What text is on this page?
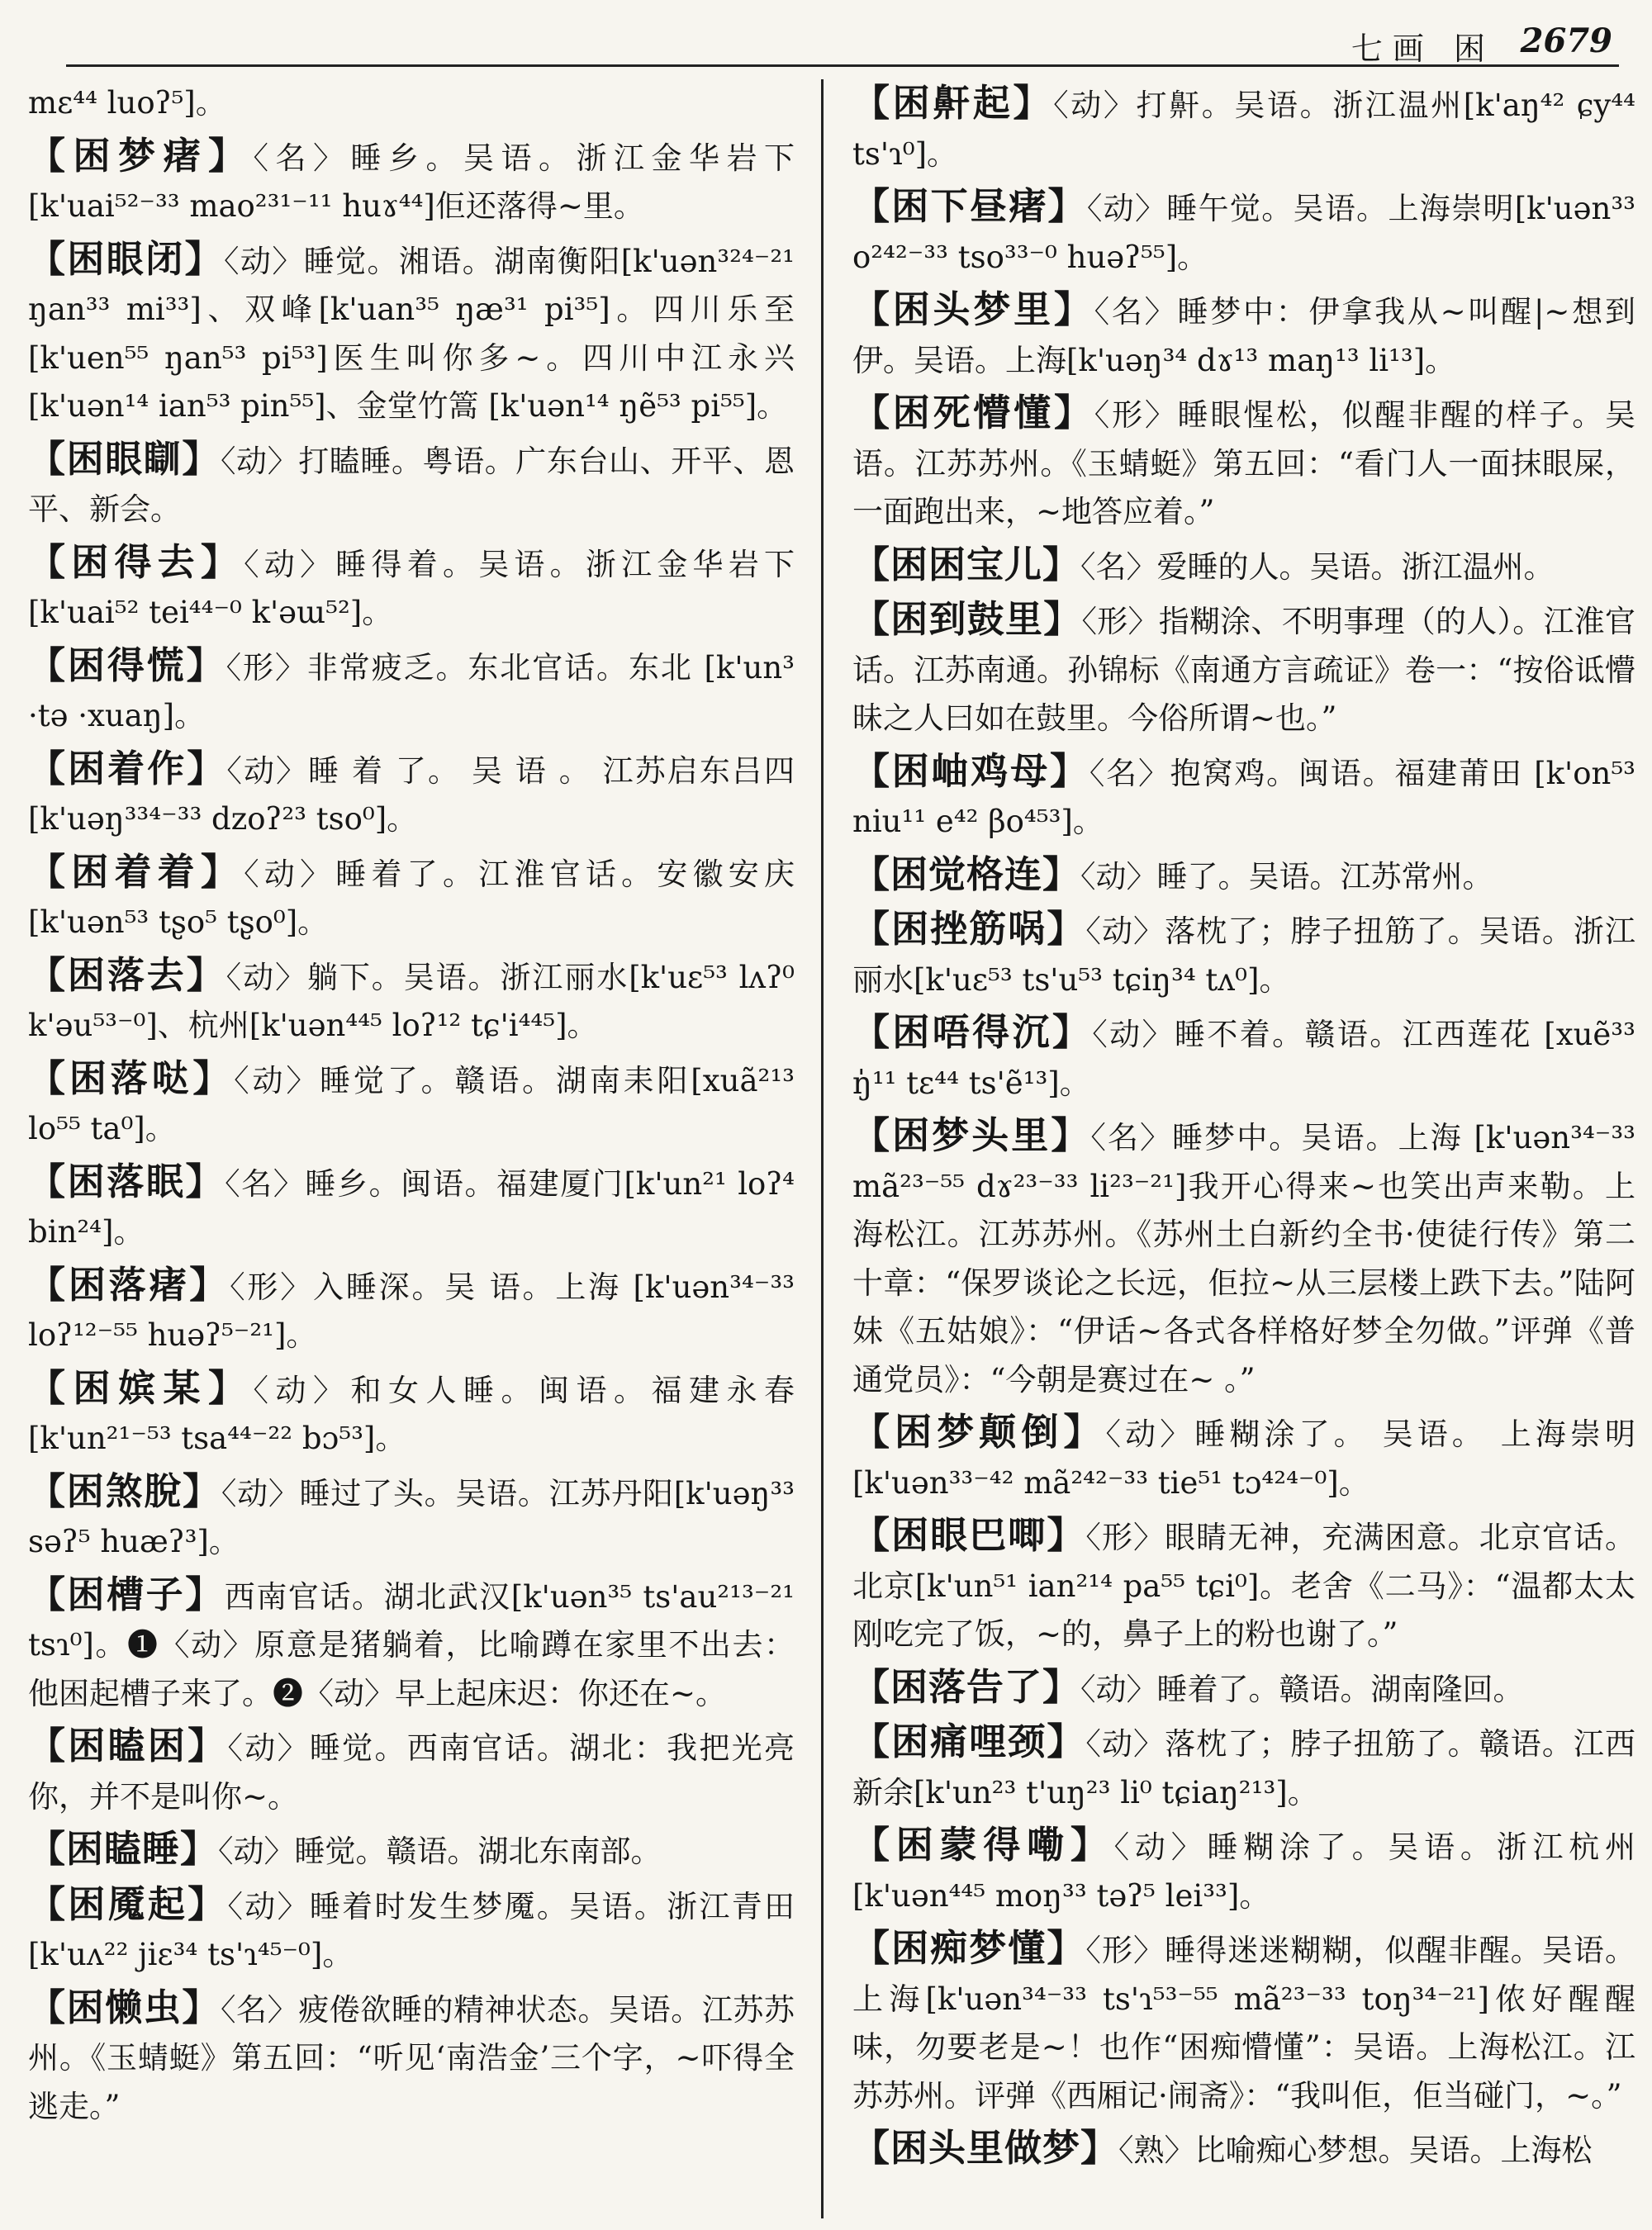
七画 困 2679
mɛ⁴⁴ luoʔ⁵]。
【困梦瘏】〈名〉睡乡。吴语。浙江金华岩下[k'uai⁵²⁻³³ mao²³¹⁻¹¹ huɤ⁴⁴]佢还落得~里。
【困眼闭】〈动〉睡觉。湘语。湖南衡阳[k'uən³²⁴⁻²¹ ŋan³³ mi³³]、双峰[k'uan³⁵ ŋæ³¹ pi³⁵]。四川乐至[k'uen⁵⁵ ŋan⁵³ pi⁵³]医生叫你多~。四川中江永兴[k'uən¹⁴ ian⁵³ pin⁵⁵]、金堂竹篙 [k'uən¹⁴ ŋẽ⁵³ pi⁵⁵]。
【困眼瞓】〈动〉打瞌睡。粤语。广东台山、开平、恩平、新会。
【困得去】〈动〉睡得着。吴语。浙江金华岩下 [k'uai⁵² tei⁴⁴⁻⁰ k'əɯ⁵²]。
【困得慌】〈形〉非常疲乏。东北官话。东北 [k'un³ ·tə ·xuaŋ]。
【困着作】〈动〉睡 着 了。 吴 语 。 江苏启东吕四[k'uəŋ³³⁴⁻³³ dzoʔ²³ tso⁰]。
【困着着】〈动〉睡着了。江淮官话。安徽安庆[k'uən⁵³ tʂo⁵ tʂo⁰]。
【困落去】〈动〉躺下。吴语。浙江丽水[k'uɛ⁵³ lʌʔ⁰ k'əu⁵³⁻⁰]、杭州[k'uən⁴⁴⁵ loʔ¹² tɕ'i⁴⁴⁵]。
【困落哒】〈动〉睡觉了。赣语。湖南耒阳[xuã²¹³ lo⁵⁵ ta⁰]。
【困落眠】〈名〉睡乡。闽语。福建厦门[k'un²¹ loʔ⁴ bin²⁴]。
【困落瘏】〈形〉入睡深。吴 语。上海 [k'uən³⁴⁻³³ loʔ¹²⁻⁵⁵ huəʔ⁵⁻²¹]。
【困嫔某】〈动〉和女人睡。闽语。福建永春[k'un²¹⁻⁵³ tsa⁴⁴⁻²² bɔ⁵³]。
【困煞脫】〈动〉睡过了头。吴语。江苏丹阳[k'uəŋ³³ səʔ⁵ huæʔ³]。
【困槽子】西南官话。湖北武汉[k'uən³⁵ ts'au²¹³⁻²¹ tsɿ⁰]。❶〈动〉原意是猪躺着，比喻蹲在家里不出去：他困起槽子来了。❷〈动〉早上起床迟：你还在~。
【困瞌困】〈动〉睡觉。西南官话。湖北：我把光亮你，并不是叫你~。
【困瞌睡】〈动〉睡觉。赣语。湖北东南部。
【困魇起】〈动〉睡着时发生梦魇。吴语。浙江青田[k'uʌ²² jiɛ³⁴ ts'ɿ⁴⁵⁻⁰]。
【困懒虫】〈名〉疲倦欲睡的精神状态。吴语。江苏苏州。《玉蜻蜓》第五回：“听见‘南浩金’三个字，~吓得全逃走。”
【困鼾起】〈动〉打鼾。吴语。浙江温州[k'aŋ⁴² ɕy⁴⁴ ts'ɿ⁰]。
【困下昼瘏】〈动〉睡午觉。吴语。上海崇明[k'uən³³ o²⁴²⁻³³ tso³³⁻⁰ huəʔ⁵⁵]。
【困头梦里】〈名〉睡梦中：伊拿我从~叫醒|~想到伊。吴语。上海[k'uəŋ³⁴ dɤ¹³ maŋ¹³ li¹³]。
【困死懵懂】〈形〉睡眼惺松，似醒非醒的样子。吴语。江苏苏州。《玉蜻蜓》第五回：“看门人一面抹眼屎，一面跑出来，~地答应着。”
【困困宝儿】〈名〉爱睡的人。吴语。浙江温州。
【困到鼓里】〈形〉指糊涂、不明事理（的人）。江淮官话。江苏南通。孙锦标《南通方言疏证》卷一：“按俗诋懵昧之人曰如在鼓里。今俗所谓~也。”
【困岫鸡母】〈名〉抱窝鸡。闽语。福建莆田 [k'on⁵³ niu¹¹ e⁴² βo⁴⁵³]。
【困觉格连】〈动〉睡了。吴语。江苏常州。
【困挫筋㖞】〈动〉落枕了；脖子扭筋了。吴语。浙江丽水[k'uɛ⁵³ ts'u⁵³ tɕiŋ³⁴ tʌ⁰]。
【困唔得沉】〈动〉睡不着。赣语。江西莲花 [xuẽ³³ ŋ̍¹¹ tɛ⁴⁴ ts'ẽ¹³]。
【困梦头里】〈名〉睡梦中。吴语。上海 [k'uən³⁴⁻³³ mã²³⁻⁵⁵ dɤ²³⁻³³ li²³⁻²¹]我开心得来~也笑出声来勒。上海松江。江苏苏州。《苏州土白新约全书·使徒行传》第二十章：“保罗谈论之长远，佢拉~从三层楼上跌下去。”陆阿妹《五姑娘》：“伊话~各式各样格好梦全勿做。”评弹《普通党员》：“今朝是赛过在~ 。”
【困梦颠倒】〈动〉睡糊涂了。 吴语。 上海崇明[k'uən³³⁻⁴² mã²⁴²⁻³³ tie⁵¹ tɔ⁴²⁴⁻⁰]。
【困眼巴唧】〈形〉眼睛无神，充满困意。北京官话。北京[k'un⁵¹ ian²¹⁴ pa⁵⁵ tɕi⁰]。老舍《二马》：“温都太太刚吃完了饭，~的，鼻子上的粉也谢了。”
【困落告了】〈动〉睡着了。赣语。湖南隆回。
【困痛哩颈】〈动〉落枕了；脖子扭筋了。赣语。江西新余[k'un²³ t'uŋ²³ li⁰ tɕiaŋ²¹³]。
【困蒙得嘞】〈动〉睡糊涂了。吴语。浙江杭州[k'uən⁴⁴⁵ moŋ³³ təʔ⁵ lei³³]。
【困痴梦懂】〈形〉睡得迷迷糊糊，似醒非醒。吴语。上海[k'uən³⁴⁻³³ ts'ɿ⁵³⁻⁵⁵ mã²³⁻³³ toŋ³⁴⁻²¹]侬好醒醒味，勿要老是~！也作“困痴懵懂”：吴语。上海松江。江苏苏州。评弹《西厢记·闹斋》：“我叫佢，佢当碰门，~。”
【困头里做梦】〈熟〉比喻痴心梦想。吴语。上海松
